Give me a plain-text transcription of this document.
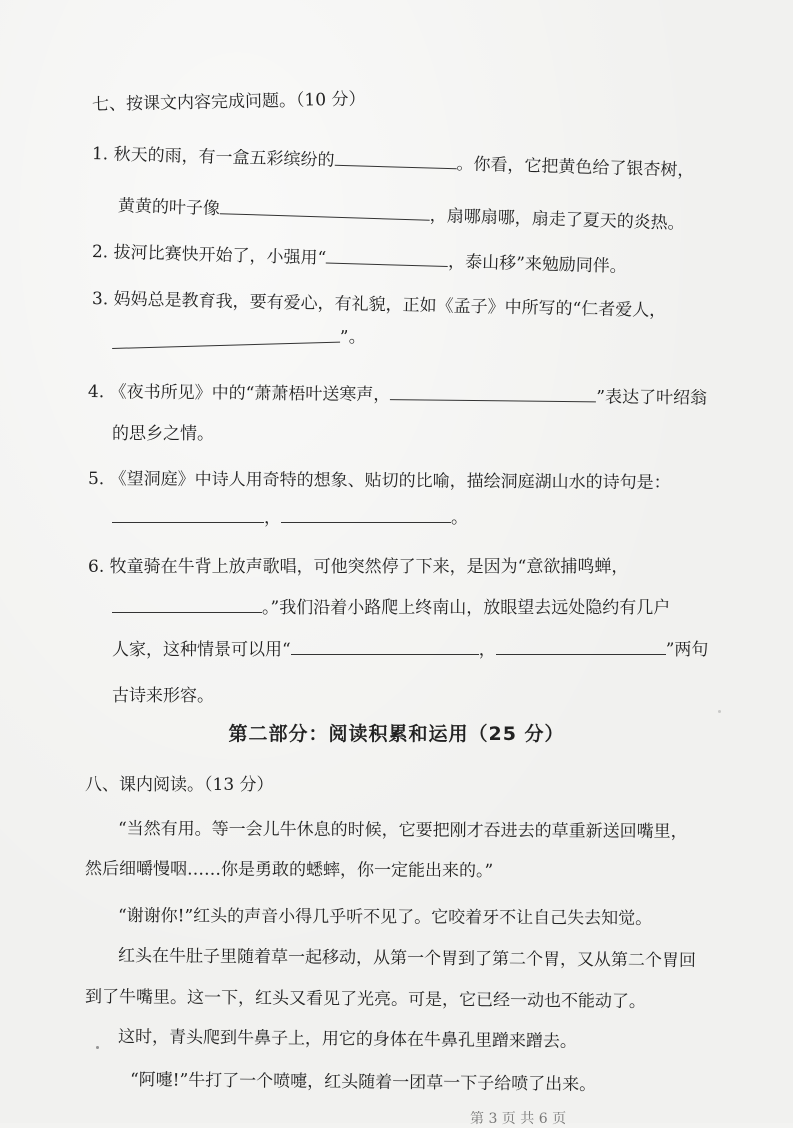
七、按课文内容完成问题。（10 分）
1. 秋天的雨，有一盒五彩缤纷的	。你看，它把黄色给了银杏树，
黄黄的叶子像	，扇哪扇哪，扇走了夏天的炎热。
2. 拔河比赛快开始了，小强用“	，泰山移”来勉励同伴。
3. 妈妈总是教育我，要有爱心，有礼貌，正如《孟子》中所写的“仁者爱人，
”。
4. 《夜书所见》中的“萧萧梧叶送寒声，	”表达了叶绍翁
的思乡之情。
5. 《望洞庭》中诗人用奇特的想象、贴切的比喻，描绘洞庭湖山水的诗句是：
，	。
6. 牧童骑在牛背上放声歌唱，可他突然停了下来，是因为“意欲捕鸣蝉，
。”我们沿着小路爬上终南山，放眼望去远处隐约有几户
人家，这种情景可以用“	，	”两句
古诗来形容。
第二部分：阅读积累和运用（25 分）
八、课内阅读。（13 分）
“当然有用。等一会儿牛休息的时候，它要把刚才吞进去的草重新送回嘴里，
然后细嚼慢咽……你是勇敢的蟋蟀，你一定能出来的。”
“谢谢你!”红头的声音小得几乎听不见了。它咬着牙不让自己失去知觉。
红头在牛肚子里随着草一起移动，从第一个胃到了第二个胃，又从第二个胃回
到了牛嘴里。这一下，红头又看见了光亮。可是，它已经一动也不能动了。
这时，青头爬到牛鼻子上，用它的身体在牛鼻孔里蹭来蹭去。
“阿嚏!”牛打了一个喷嚏，红头随着一团草一下子给喷了出来。
第 3 页 共 6 页
